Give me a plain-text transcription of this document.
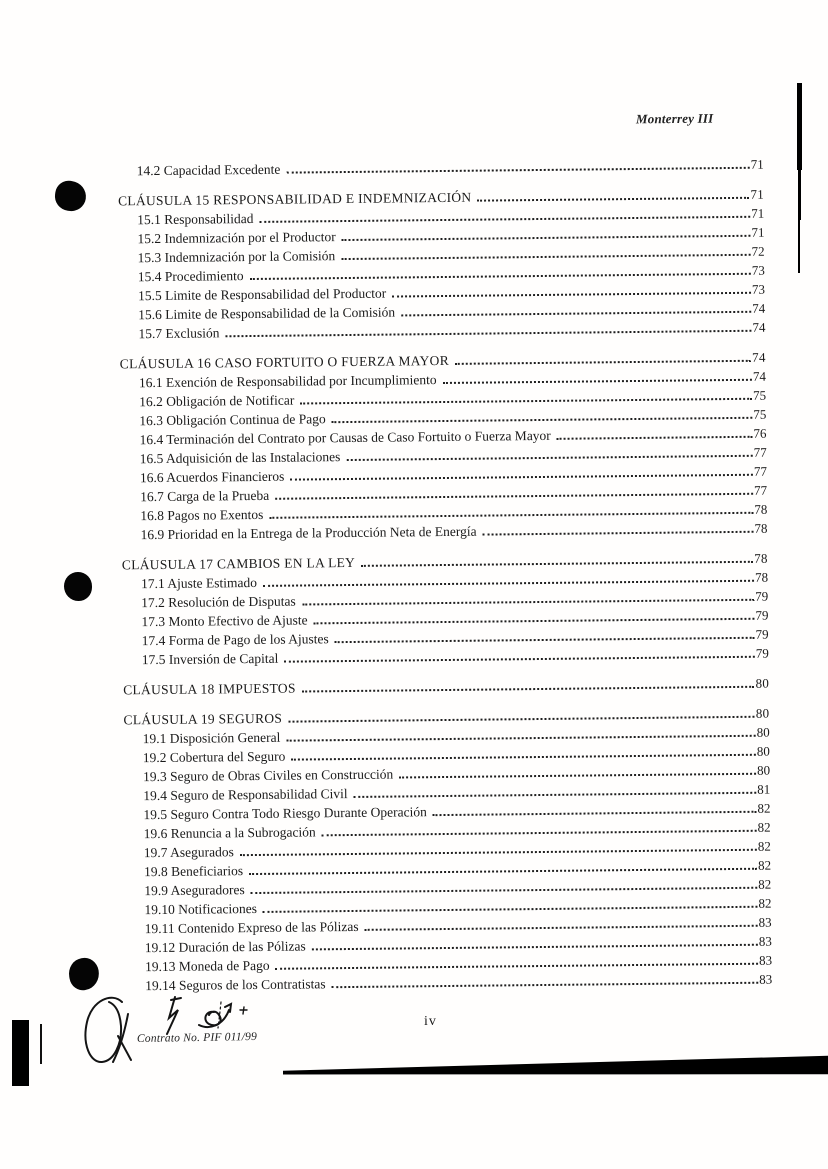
Monterrey III
14.2 Capacidad Excedente	71
CLÁUSULA 15 RESPONSABILIDAD E INDEMNIZACIÓN	71
15.1 Responsabilidad	71
15.2 Indemnización por el Productor	71
15.3 Indemnización por la Comisión	72
15.4 Procedimiento	73
15.5 Limite de Responsabilidad del Productor	73
15.6 Limite de Responsabilidad de la Comisión	74
15.7 Exclusión	74
CLÁUSULA 16 CASO FORTUITO O FUERZA MAYOR	74
16.1 Exención de Responsabilidad por Incumplimiento	74
16.2 Obligación de Notificar	75
16.3 Obligación Continua de Pago	75
16.4 Terminación del Contrato por Causas de Caso Fortuito o Fuerza Mayor	76
16.5 Adquisición de las Instalaciones	77
16.6 Acuerdos Financieros	77
16.7 Carga de la Prueba	77
16.8 Pagos no Exentos	78
16.9 Prioridad en la Entrega de la Producción Neta de Energía	78
CLÁUSULA 17 CAMBIOS EN LA LEY	78
17.1 Ajuste Estimado	78
17.2 Resolución de Disputas	79
17.3 Monto Efectivo de Ajuste	79
17.4 Forma de Pago de los Ajustes	79
17.5 Inversión de Capital	79
CLÁUSULA 18 IMPUESTOS	80
CLÁUSULA 19 SEGUROS	80
19.1 Disposición General	80
19.2 Cobertura del Seguro	80
19.3 Seguro de Obras Civiles en Construcción	80
19.4 Seguro de Responsabilidad Civil	81
19.5 Seguro Contra Todo Riesgo Durante Operación	82
19.6 Renuncia a la Subrogación	82
19.7 Asegurados	82
19.8 Beneficiarios	82
19.9 Aseguradores	82
19.10 Notificaciones	82
19.11 Contenido Expreso de las Pólizas	83
19.12 Duración de las Pólizas	83
19.13 Moneda de Pago	83
19.14 Seguros de los Contratistas	83
iv
Contrato No. PIF 011/99
